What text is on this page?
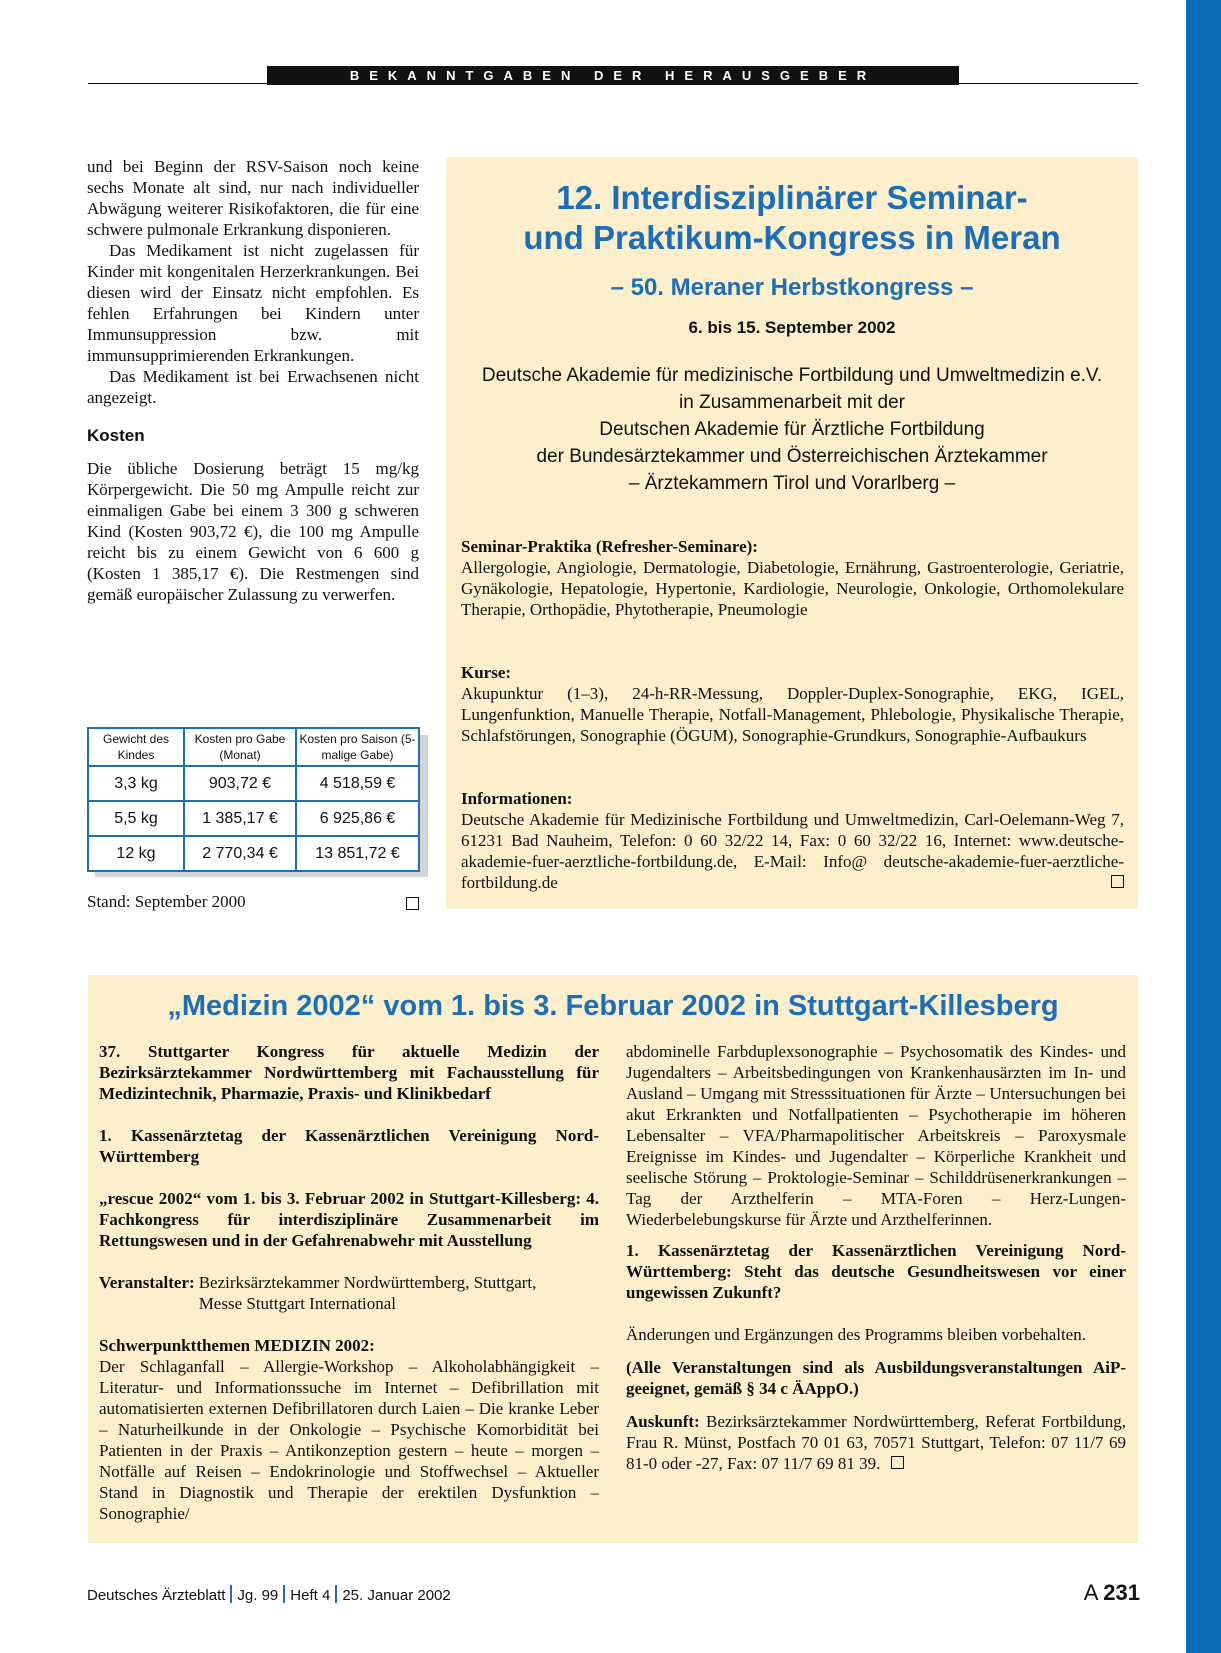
BEKANNTGABEN DER HERAUSGEBER

und bei Beginn der RSV-Saison noch keine sechs Monate alt sind, nur nach individueller Abwägung weiterer Risikofaktoren, die für eine schwere pulmonale Erkrankung disponieren.

Das Medikament ist nicht zugelassen für Kinder mit kongenitalen Herzerkrankungen. Bei diesen wird der Einsatz nicht empfohlen. Es fehlen Erfahrungen bei Kindern unter Immunsuppression bzw. mit immunsupprimierenden Erkrankungen.

Das Medikament ist bei Erwachsenen nicht angezeigt.

Kosten

Die übliche Dosierung beträgt 15 mg/kg Körpergewicht. Die 50 mg Ampulle reicht zur einmaligen Gabe bei einem 3 300 g schweren Kind (Kosten 903,72 €), die 100 mg Ampulle reicht bis zu einem Gewicht von 6 600 g (Kosten 1 385,17 €). Die Restmengen sind gemäß europäischer Zulassung zu verwerfen.

Gewicht des Kindes	Kosten pro Gabe (Monat)	Kosten pro Saison (5-malige Gabe)
3,3 kg	903,72 €	4 518,59 €
5,5 kg	1 385,17 €	6 925,86 €
12 kg	2 770,34 €	13 851,72 €
Stand: September 2000
12. Interdisziplinärer Seminar-
und Praktikum-Kongress in Meran
– 50. Meraner Herbstkongress –
6. bis 15. September 2002
Deutsche Akademie für medizinische Fortbildung und Umweltmedizin e.V.
in Zusammenarbeit mit der
Deutschen Akademie für Ärztliche Fortbildung
der Bundesärztekammer und Österreichischen Ärztekammer
– Ärztekammern Tirol und Vorarlberg –

Seminar-Praktika (Refresher-Seminare):

Allergologie, Angiologie, Dermatologie, Diabetologie, Ernährung, Gastroenterologie, Geriatrie, Gynäkologie, Hepatologie, Hypertonie, Kardiologie, Neurologie, Onkologie, Orthomolekulare Therapie, Orthopädie, Phytotherapie, Pneumologie

Kurse:

Akupunktur (1–3), 24-h-RR-Messung, Doppler-Duplex-Sonographie, EKG, IGEL, Lungenfunktion, Manuelle Therapie, Notfall-Management, Phlebologie, Physikalische Therapie, Schlafstörungen, Sonographie (ÖGUM), Sonographie-Grundkurs, Sonographie-Aufbaukurs

Informationen:

Deutsche Akademie für Medizinische Fortbildung und Umweltmedizin, Carl-Oelemann-Weg 7, 61231 Bad Nauheim, Telefon: 0 60 32/22 14, Fax: 0 60 32/22 16, Internet: www.deutsche-akademie-fuer-aerztliche-fortbildung.de, E-Mail: Info@ deutsche-akademie-fuer-aerztliche-fortbildung.de

„Medizin 2002“ vom 1. bis 3. Februar 2002 in Stuttgart-Killesberg

37. Stuttgarter Kongress für aktuelle Medizin der Bezirksärztekammer Nordwürttemberg mit Fachausstellung für Medizintechnik, Pharmazie, Praxis- und Klinikbedarf

1. Kassenärztetag der Kassenärztlichen Vereinigung Nord-Württemberg

„rescue 2002“ vom 1. bis 3. Februar 2002 in Stuttgart-Killesberg: 4. Fachkongress für interdisziplinäre Zusammenarbeit im Rettungswesen und in der Gefahrenabwehr mit Ausstellung

Veranstalter: Bezirksärztekammer Nordwürttemberg, Stuttgart,
Messe Stuttgart International

Schwerpunktthemen MEDIZIN 2002:

Der Schlaganfall – Allergie-Workshop – Alkoholabhängigkeit – Literatur- und Informationssuche im Internet – Defibrillation mit automatisierten externen Defibrillatoren durch Laien – Die kranke Leber – Naturheilkunde in der Onkologie – Psychische Komorbidität bei Patienten in der Praxis – Antikonzeption gestern – heute – morgen – Notfälle auf Reisen – Endokrinologie und Stoffwechsel – Aktueller Stand in Diagnostik und Therapie der erektilen Dysfunktion – Sonographie/

abdominelle Farbduplexsonographie – Psychosomatik des Kindes- und Jugendalters – Arbeitsbedingungen von Krankenhausärzten im In- und Ausland – Umgang mit Stresssituationen für Ärzte – Untersuchungen bei akut Erkrankten und Notfallpatienten – Psychotherapie im höheren Lebensalter – VFA/Pharmapolitischer Arbeitskreis – Paroxysmale Ereignisse im Kindes- und Jugendalter – Körperliche Krankheit und seelische Störung – Proktologie-Seminar – Schilddrüsenerkrankungen – Tag der Arzthelferin – MTA-Foren – Herz-Lungen-Wiederbelebungskurse für Ärzte und Arzthelferinnen.

1. Kassenärztetag der Kassenärztlichen Vereinigung Nord-Württemberg: Steht das deutsche Gesundheitswesen vor einer ungewissen Zukunft?

Änderungen und Ergänzungen des Programms bleiben vorbehalten.

(Alle Veranstaltungen sind als Ausbildungsveranstaltungen AiP-geeignet, gemäß § 34 c ÄAppO.)

Auskunft: Bezirksärztekammer Nordwürttemberg, Referat Fortbildung, Frau R. Münst, Postfach 70 01 63, 70571 Stuttgart, Telefon: 07 11/7 69 81-0 oder -27, Fax: 07 11/7 69 81 39.

Deutsches Ärzteblatt Jg. 99 Heft 4 25. Januar 2002	A 231
